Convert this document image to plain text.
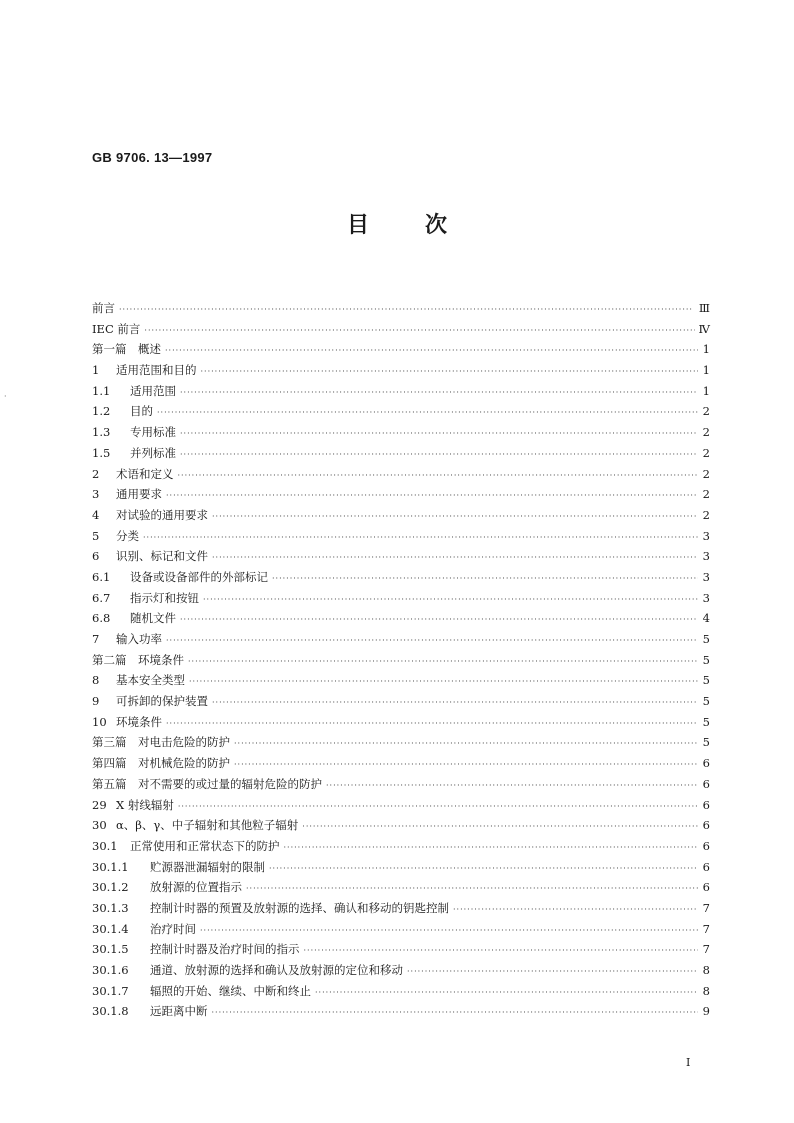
GB 9706. 13—1997
目	次
·
前言 ·····	Ⅲ
IEC 前言 ·····	Ⅳ
第一篇　概述 ·····	1
1	适用范围和目的 ·····	1
1.1	适用范围 ·····	1
1.2	目的 ·····	2
1.3	专用标准 ·····	2
1.5	并列标准 ·····	2
2	术语和定义 ·····	2
3	通用要求 ·····	2
4	对试验的通用要求 ·····	2
5	分类 ·····	3
6	识别、标记和文件 ·····	3
6.1	设备或设备部件的外部标记 ·····	3
6.7	指示灯和按钮 ·····	3
6.8	随机文件 ·····	4
7	输入功率 ·····	5
第二篇　环境条件 ·····	5
8	基本安全类型 ·····	5
9	可拆卸的保护装置 ·····	5
10 环境条件 ·····	5
第三篇　对电击危险的防护 ·····	5
第四篇　对机械危险的防护 ·····	6
第五篇　对不需要的或过量的辐射危险的防护 ·····	6
29 X 射线辐射 ·····	6
30 α、β、γ、中子辐射和其他粒子辐射 ·····	6
30.1	正常使用和正常状态下的防护 ·····	6
30.1.1	贮源器泄漏辐射的限制 ·····	6
30.1.2	放射源的位置指示 ·····	6
30.1.3	控制计时器的预置及放射源的选择、确认和移动的钥匙控制 ·····	7
30.1.4	治疗时间 ·····	7
30.1.5	控制计时器及治疗时间的指示 ·····	7
30.1.6	通道、放射源的选择和确认及放射源的定位和移动 ·····	8
30.1.7	辐照的开始、继续、中断和终止 ·····	8
30.1.8	远距离中断 ·····	9
I
